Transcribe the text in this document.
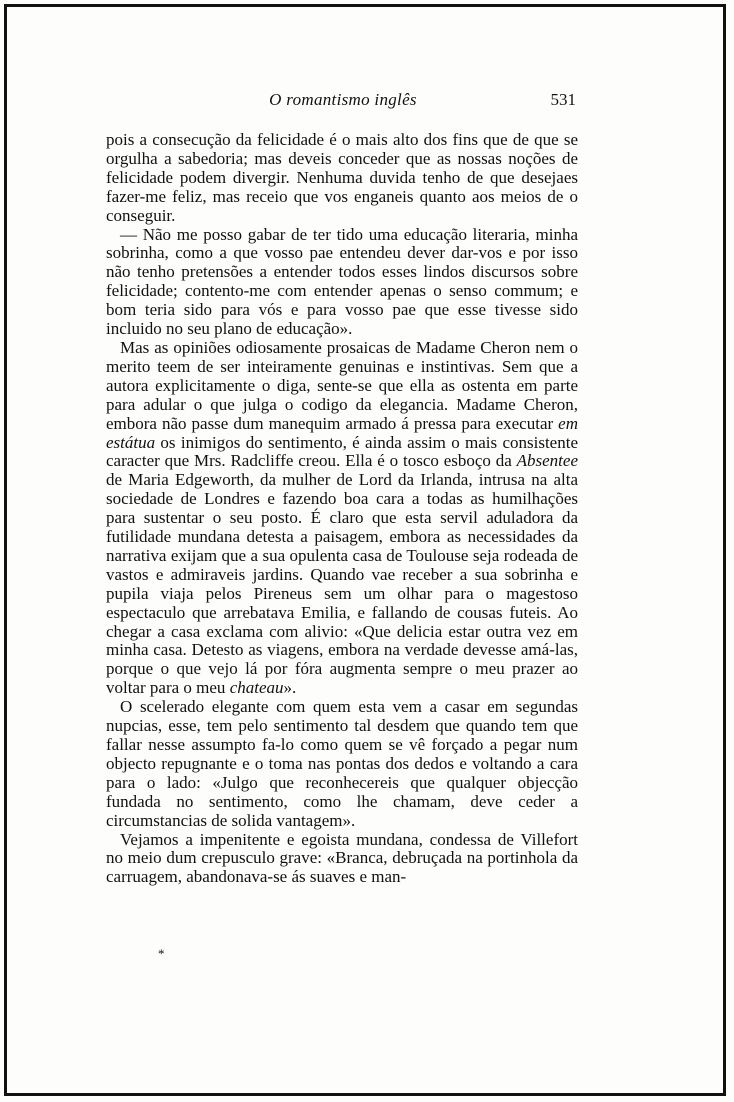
O romantismo inglês	531

pois a consecução da felicidade é o mais alto dos fins que de que se orgulha a sabedoria; mas deveis conceder que as nossas noções de felicidade podem divergir. Nenhuma duvida tenho de que desejaes fazer-me feliz, mas receio que vos enganeis quanto aos meios de o conseguir.

— Não me posso gabar de ter tido uma educação literaria, minha sobrinha, como a que vosso pae entendeu dever dar-vos e por isso não tenho pretensões a entender todos esses lindos discursos sobre felicidade; contento-me com entender apenas o senso commum; e bom teria sido para vós e para vosso pae que esse tivesse sido incluido no seu plano de educação».

Mas as opiniões odiosamente prosaicas de Madame Cheron nem o merito teem de ser inteiramente genuinas e instintivas. Sem que a autora explicitamente o diga, sente-se que ella as ostenta em parte para adular o que julga o codigo da elegancia. Madame Cheron, embora não passe dum manequim armado á pressa para executar em estátua os inimigos do sentimento, é ainda assim o mais consistente caracter que Mrs. Radcliffe creou. Ella é o tosco esboço da Absentee de Maria Edgeworth, da mulher de Lord da Irlanda, intrusa na alta sociedade de Londres e fazendo boa cara a todas as humilhações para sustentar o seu posto. É claro que esta servil aduladora da futilidade mundana detesta a paisagem, embora as necessidades da narrativa exijam que a sua opulenta casa de Toulouse seja rodeada de vastos e admiraveis jardins. Quando vae receber a sua sobrinha e pupila viaja pelos Pireneus sem um olhar para o magestoso espectaculo que arrebatava Emilia, e fallando de cousas futeis. Ao chegar a casa exclama com alivio: «Que delicia estar outra vez em minha casa. Detesto as viagens, embora na verdade devesse amá-las, porque o que vejo lá por fóra augmenta sempre o meu prazer ao voltar para o meu chateau».

O scelerado elegante com quem esta vem a casar em segundas nupcias, esse, tem pelo sentimento tal desdem que quando tem que fallar nesse assumpto fa-lo como quem se vê forçado a pegar num objecto repugnante e o toma nas pontas dos dedos e voltando a cara para o lado: «Julgo que reconhecereis que qualquer objecção fundada no sentimento, como lhe chamam, deve ceder a circumstancias de solida vantagem».

Vejamos a impenitente e egoista mundana, condessa de Villefort no meio dum crepusculo grave: «Branca, debruçada na portinhola da carruagem, abandonava-se ás suaves e man-

*
